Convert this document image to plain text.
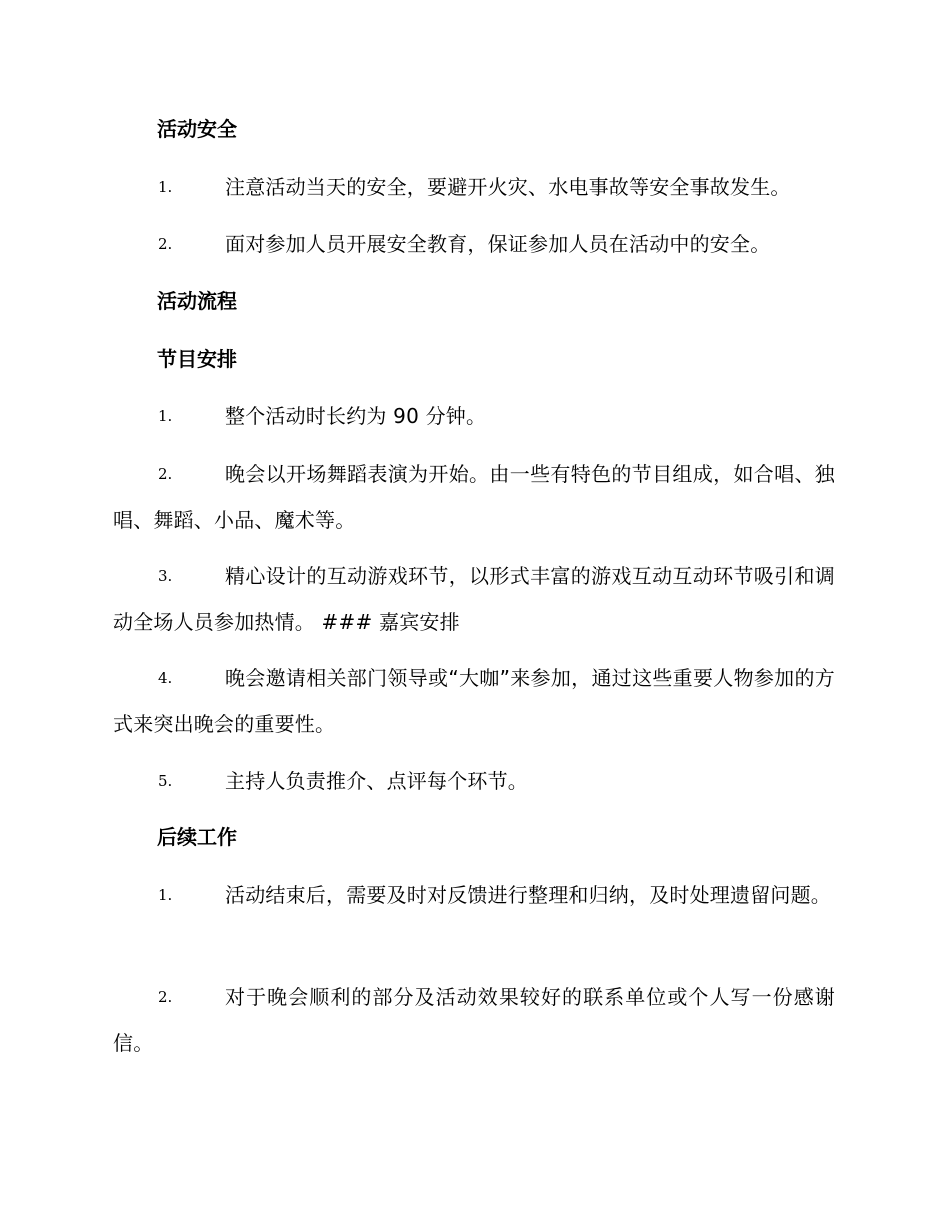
活动安全
1.	注意活动当天的安全，要避开火灾、水电事故等安全事故发生。
2.	面对参加人员开展安全教育，保证参加人员在活动中的安全。
活动流程
节目安排
1.	整个活动时长约为 90 分钟。
2.	晚会以开场舞蹈表演为开始。由一些有特色的节目组成，如合唱、独唱、舞蹈、小品、魔术等。
3.	精心设计的互动游戏环节，以形式丰富的游戏互动互动环节吸引和调动全场人员参加热情。 ### 嘉宾安排
4.	晚会邀请相关部门领导或“大咖”来参加，通过这些重要人物参加的方式来突出晚会的重要性。
5.	主持人负责推介、点评每个环节。
后续工作
1.	活动结束后，需要及时对反馈进行整理和归纳，及时处理遗留问题。
2.	对于晚会顺利的部分及活动效果较好的联系单位或个人写一份感谢信。
